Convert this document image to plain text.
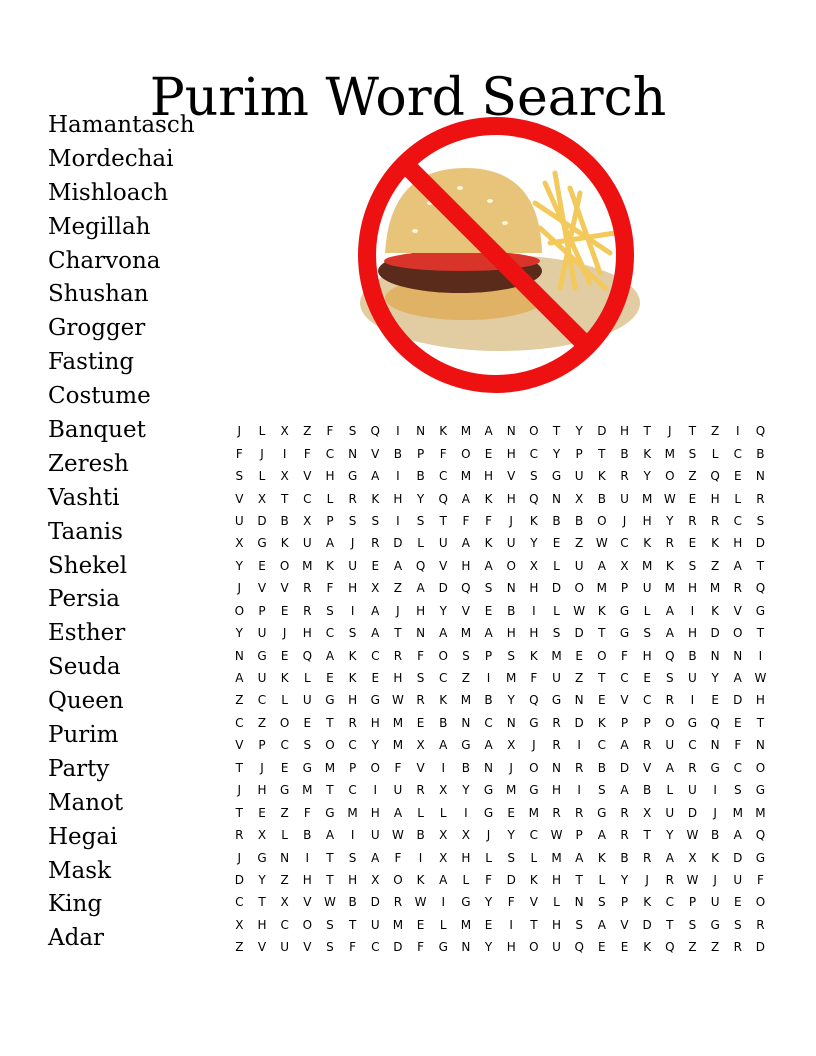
Purim Word Search
Hamantasch
Mordechai
Mishloach
Megillah
Charvona
Shushan
Grogger
Fasting
Costume
Banquet
Zeresh
Vashti
Taanis
Shekel
Persia
Esther
Seuda
Queen
Purim
Party
Manot
Hegai
Mask
King
Adar
J	L	X	Z	F	S	Q	I	N	K	M	A	N	O	T	Y	D	H	T	J	T	Z	I	Q
F	J	I	F	C	N	V	B	P	F	O	E	H	C	Y	P	T	B	K	M	S	L	C	B
S	L	X	V	H	G	A	I	B	C	M	H	V	S	G	U	K	R	Y	O	Z	Q	E	N
V	X	T	C	L	R	K	H	Y	Q	A	K	H	Q	N	X	B	U	M W	E	H	L	R
U	D	B	X	P	S	S	I	S	T	F	F	J	K	B	B	O	J	H	Y	R	R	C	S
X	G	K	U	A	J	R	D	L	U	A	K	U	Y	E	Z	W	C	K	R	E	K	H	D
Y	E	O	M	K	U	E	A	Q	V	H	A	O	X	L	U	A	X	M	K	S	Z	A	T
J	V	V	R	F	H	X	Z	A	D	Q	S	N	H	D	O	M	P	U	M	H	M	R	Q
O	P	E	R	S	I	A	J	H	Y	V	E	B	I	L	W	K	G	L	A	I	K	V	G
Y	U	J	H	C	S	A	T	N	A	M	A	H	H	S	D	T	G	S	A	H	D	O	T
N	G	E	Q	A	K	C	R	F	O	S	P	S	K	M	E	O	F	H	Q	B	N	N	I
A	U	K	L	E	K	E	H	S	C	Z	I	M	F	U	Z	T	C	E	S	U	Y	A	W
Z	C	L	U	G	H	G	W	R	K	M	B	Y	Q	G	N	E	V	C	R	I	E	D	H
C	Z	O	E	T	R	H	M	E	B	N	C	N	G	R	D	K	P	P	O	G	Q	E	T
V	P	C	S	O	C	Y	M	X	A	G	A	X	J	R	I	C	A	R	U	C	N	F	N
T	J	E	G	M	P	O	F	V	I	B	N	J	O	N	R	B	D	V	A	R	G	C	O
J	H	G	M	T	C	I	U	R	X	Y	G	M	G	H	I	S	A	B	L	U	I	S	G
T	E	Z	F	G	M	H	A	L	L	I	G	E	M	R	R	G	R	X	U	D	J	M	M
R	X	L	B	A	I	U	W	B	X	X	J	Y	C	W	P	A	R	T	Y	W	B	A	Q
J	G	N	I	T	S	A	F	I	X	H	L	S	L	M	A	K	B	R	A	X	K	D	G
D	Y	Z	H	T	H	X	O	K	A	L	F	D	K	H	T	L	Y	J	R	W	J	U	F
C	T	X	V	W	B	D	R	W	I	G	Y	F	V	L	N	S	P	K	C	P	U	E	O
X	H	C	O	S	T	U	M	E	L	M	E	I	T	H	S	A	V	D	T	S	G	S	R
Z	V	U	V	S	F	C	D	F	G	N	Y	H	O	U	Q	E	E	K	Q	Z	Z	R	D
